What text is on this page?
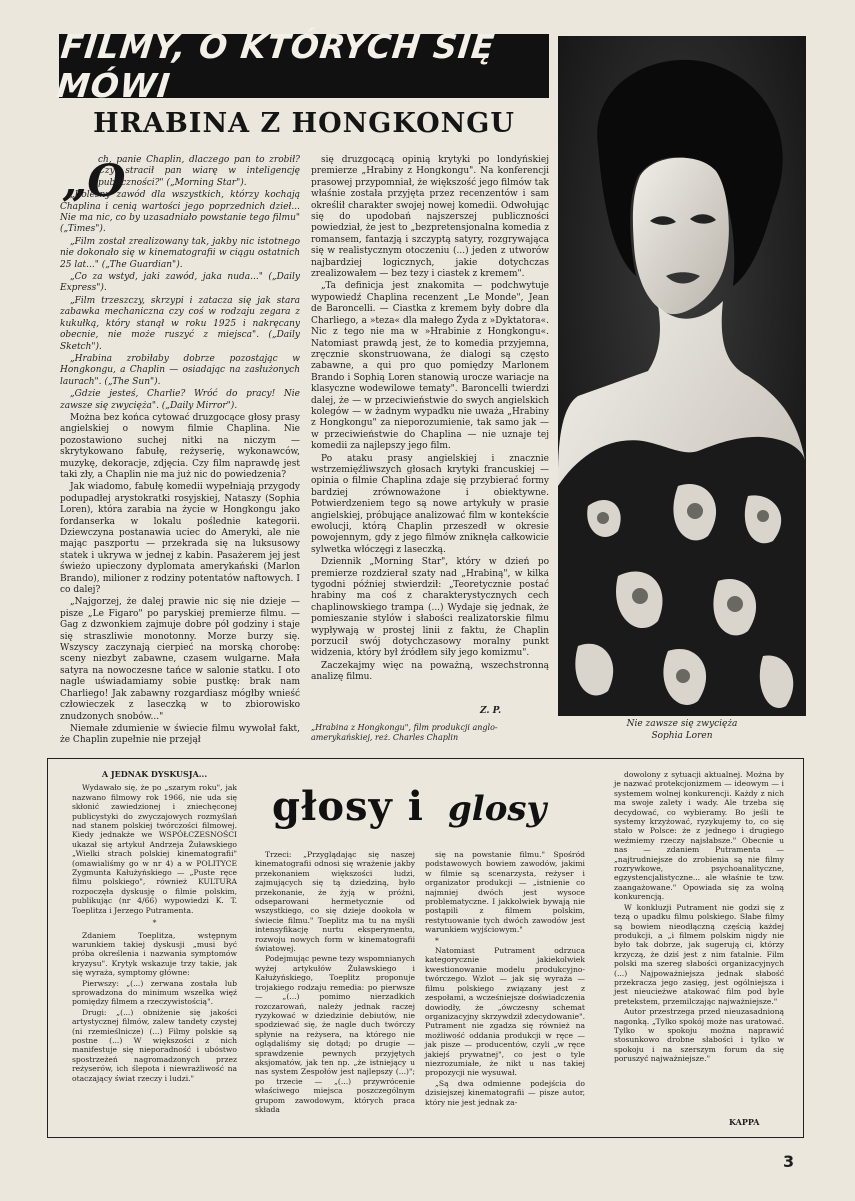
FILMY, O KTÓRYCH SIĘ MÓWI
HRABINA Z HONGKONGU
„O

ch, panie Chaplin, dlaczego pan to zrobił? Czy stracił pan wiarę w inteligencję publiczności?" („Morning Star").

„Bolesny zawód dla wszystkich, którzy kochają Chaplina i cenią wartości jego poprzednich dzieł... Nie ma nic, co by uzasadniało powstanie tego filmu" („Times").

„Film został zrealizowany tak, jakby nic istotnego nie dokonało się w kinematografii w ciągu ostatnich 25 lat..." („The Guardian").

„Co za wstyd, jaki zawód, jaka nuda..." („Daily Express").

„Film trzeszczy, skrzypi i zatacza się jak stara zabawka mechaniczna czy coś w rodzaju zegara z kukułką, który stanął w roku 1925 i nakręcany obecnie, nie może ruszyć z miejsca". („Daily Sketch").

„Hrabina zrobiłaby dobrze pozostając w Hongkongu, a Chaplin — osiadając na zasłużonych laurach". („The Sun").

„Gdzie jesteś, Charlie? Wróć do pracy! Nie zawsze się zwycięża". („Daily Mirror").

Można bez końca cytować druzgocące głosy prasy angielskiej o nowym filmie Chaplina. Nie pozostawiono suchej nitki na niczym — skrytykowano fabułę, reżyserię, wykonawców, muzykę, dekoracje, zdjęcia. Czy film naprawdę jest taki zły, a Chaplin nie ma już nic do powiedzenia?

Jak wiadomo, fabułę komedii wypełniają przygody podupadłej arystokratki rosyjskiej, Nataszy (Sophia Loren), która zarabia na życie w Hongkongu jako fordanserka w lokalu poślednie kategorii. Dziewczyna postanawia uciec do Ameryki, ale nie mając paszportu — przekrada się na luksusowy statek i ukrywa w jednej z kabin. Pasażerem jej jest świeżo upieczony dyplomata amerykański (Marlon Brando), milioner z rodziny potentatów naftowych. I co dalej?

„Najgorzej, że dalej prawie nic się nie dzieje — pisze „Le Figaro" po paryskiej premierze filmu. — Gag z dzwonkiem zajmuje dobre pół godziny i staje się straszliwie monotonny. Morze burzy się. Wszyscy zaczynają cierpieć na morską chorobę: sceny niezbyt zabawne, czasem wulgarne. Mała satyra na nowoczesne tańce w salonie statku. I oto nagle uświadamiamy sobie pustkę: brak nam Charliego! Jak zabawny rozgardiasz mógłby wnieść człowieczek z laseczką w to zbiorowisko znudzonych snobów..."

Niemałe zdumienie w świecie filmu wywołał fakt, że Chaplin zupełnie nie przejął

się druzgocącą opinią krytyki po londyńskiej premierze „Hrabiny z Hongkongu". Na konferencji prasowej przypomniał, że większość jego filmów tak właśnie została przyjęta przez recenzentów i sam określił charakter swojej nowej komedii. Odwołując się do upodobań najszerszej publiczności powiedział, że jest to „bezpretensjonalna komedia z romansem, fantazją i szczyptą satyry, rozgrywająca się w realistycznym otoczeniu (...) jeden z utworów najbardziej logicznych, jakie dotychczas zrealizowałem — bez tezy i ciastek z kremem".

„Ta definicja jest znakomita — podchwytuje wypowiedź Chaplina recenzent „Le Monde", Jean de Baroncelli. — Ciastka z kremem były dobre dla Charliego, a »teza« dla małego Żyda z »Dyktatora«. Nic z tego nie ma w »Hrabinie z Hongkongu«. Natomiast prawdą jest, że to komedia przyjemna, zręcznie skonstruowana, że dialogi są często zabawne, a qui pro quo pomiędzy Marlonem Brando i Sophią Loren stanowią urocze wariacje na klasyczne wodewilowe tematy". Baroncelli twierdzi dalej, że — w przeciwieństwie do swych angielskich kolegów — w żadnym wypadku nie uważa „Hrabiny z Hongkongu" za nieporozumienie, tak samo jak — w przeciwieństwie do Chaplina — nie uznaje tej komedii za najlepszy jego film.

Po ataku prasy angielskiej i znacznie wstrzemięźliwszych głosach krytyki francuskiej — opinia o filmie Chaplina zdaje się przybierać formy bardziej zrównoważone i obiektywne. Potwierdzeniem tego są nowe artykuły w prasie angielskiej, próbujące analizować film w kontekście ewolucji, którą Chaplin przeszedł w okresie powojennym, gdy z jego filmów zniknęła całkowicie sylwetka włóczęgi z laseczką.

Dziennik „Morning Star", który w dzień po premierze rozdzierał szaty nad „Hrabiną", w kilka tygodni później stwierdził: „Teoretycznie postać hrabiny ma coś z charakterystycznych cech chaplinowskiego trampa (...) Wydaje się jednak, że pomieszanie stylów i słabości realizatorskie filmu wypływają w prostej linii z faktu, że Chaplin porzucił swój dotychczasowy moralny punkt widzenia, który był źródłem siły jego komizmu".

Zaczekajmy więc na poważną, wszechstronną analizę filmu.

Z. P.
„Hrabina z Hongkongu", film produkcji anglo-amerykańskiej, reż. Charles Chaplin
Nie zawsze się zwycięża
Sophia Loren

A JEDNAK DYSKUSJA...

Wydawało się, że po „szarym roku", jak nazwano filmowy rok 1966, nie uda się skłonić zawiedzionej i zniechęconej publicystyki do zwyczajowych rozmyślań nad stanem polskiej twórczości filmowej. Kiedy jednakże we WSPÓŁCZESNOŚCI ukazał się artykuł Andrzeja Żuławskiego „Wielki strach polskiej kinematografii" (omawialiśmy go w nr 4) a w POLITYCE Zygmunta Kałużyńskiego — „Puste ręce filmu polskiego", również KULTURA rozpoczęła dyskusję o filmie polskim, publikując (nr 4/66) wypowiedzi K. T. Toeplitza i Jerzego Putramenta.

*

Zdaniem Toeplitza, wstępnym warunkiem takiej dyskusji „musi być próba określenia i nazwania symptomów kryzysu". Krytyk wskazuje trzy takie, jak się wyraża, symptomy główne:

Pierwszy: „(...) zerwana została lub sprowadzona do minimum wszelka więź pomiędzy filmem a rzeczywistością".

Drugi: „(...) obniżenie się jakości artystycznej filmów, zalew tandety czystej (ni rzemieślnicze) (...) Filmy polskie są postne (...) W większości z nich manifestuje się nieporadność i ubóstwo spostrzeżeń nagromadzonych przez reżyserów, ich ślepota i niewrażliwość na otaczający świat rzeczy i ludzi."

głosy i glosy

Trzeci: „Przyglądając się naszej kinematografii odnosi się wrażenie jakby przekonaniem większości ludzi, zajmujących się tą dziedziną, było przekonanie, że żyją w próżni, odseparowani hermetycznie od wszystkiego, co się dzieje dookoła w świecie filmu." Toeplitz ma tu na myśli intensyfikację nurtu eksperymentu, rozwoju nowych form w kinematografii światowej.

Podejmując pewne tezy wspomnianych wyżej artykułów Żuławskiego i Kałużyńskiego, Toeplitz proponuje trojakiego rodzaju remedia: po pierwsze — „(...) pomimo nierzadkich rozczarowań, należy jednak raczej ryzykować w dziedzinie debiutów, nie spodziewać się, że nagle duch twórczy spłynie na reżysera, na którego nie oglądaliśmy się dotąd; po drugie — sprawdzenie pewnych przyjętych aksjomatów, jak ten np. „że istniejący u nas system Zespołów jest najlepszy (...)"; po trzecie — „(...) przywrócenie właściwego miejsca poszczególnym grupom zawodowym, których praca składa

się na powstanie filmu." Spośród podstawowych bowiem zawodów, jakimi w filmie są scenarzysta, reżyser i organizator produkcji — „istnienie co najmniej dwóch jest wysoce problematyczne. I jakkolwiek bywają nie postąpili z filmem polskim, restytuowanie tych dwóch zawodów jest warunkiem wyjściowym."

*

Natomiast Putrament odrzuca kategorycznie jakiekolwiek kwestionowanie modelu produkcyjno-twórczego. Wzlot — jak się wyraża — filmu polskiego związany jest z zespołami, a wcześniejsze doświadczenia dowiodły, że „ówczesny schemat organizacyjny skrzywdził zdecydowanie". Putrament nie zgadza się również na możliwość oddania produkcji w ręce — jak pisze — producentów, czyli „w ręce jakiejś prywatnej", co jest o tyle niezrozumiałe, że nikt u nas takiej propozycji nie wysuwał.

„Są dwa odmienne podejścia do dzisiejszej kinematografii — pisze autor, który nie jest jednak za-

dowolony z sytuacji aktualnej. Można by je nazwać protekcjonizmem — ideowym — i systemem wolnej konkurencji. Każdy z nich ma swoje zalety i wady. Ale trzeba się decydować, co wybieramy. Bo jeśli te systemy krzyżować, ryzykujemy to, co się stało w Polsce: że z jednego i drugiego weźmiemy rzeczy najsłabsze." Obecnie u nas — zdaniem Putramenta — „najtrudniejsze do zrobienia są nie filmy rozrywkowe, psychoanalityczne, egzystencjalistyczne... ale właśnie te tzw. zaangażowane." Opowiada się za wolną konkurencją.

W konkluzji Putrament nie godzi się z tezą o upadku filmu polskiego. Słabe filmy są bowiem nieodłączną częścią każdej produkcji, a „i filmem polskim nigdy nie było tak dobrze, jak sugerują ci, którzy krzyczą, że dziś jest z nim fatalnie. Film polski ma szereg słabości organizacyjnych (...) Najpoważniejsza jednak słabość przekracza jego zasięg, jest ogólniejsza i jest nieucieżwe atakować film pod byle pretekstem, przemilczając najważniejsze."

Autor przestrzega przed nieuzasadnioną nagonką. „Tylko spokój może nas uratować. Tylko w spokoju można naprawić stosunkowo drobne słabości i tylko w spokoju i na szerszym forum da się poruszyć najważniejsze."

KAPPA
3
